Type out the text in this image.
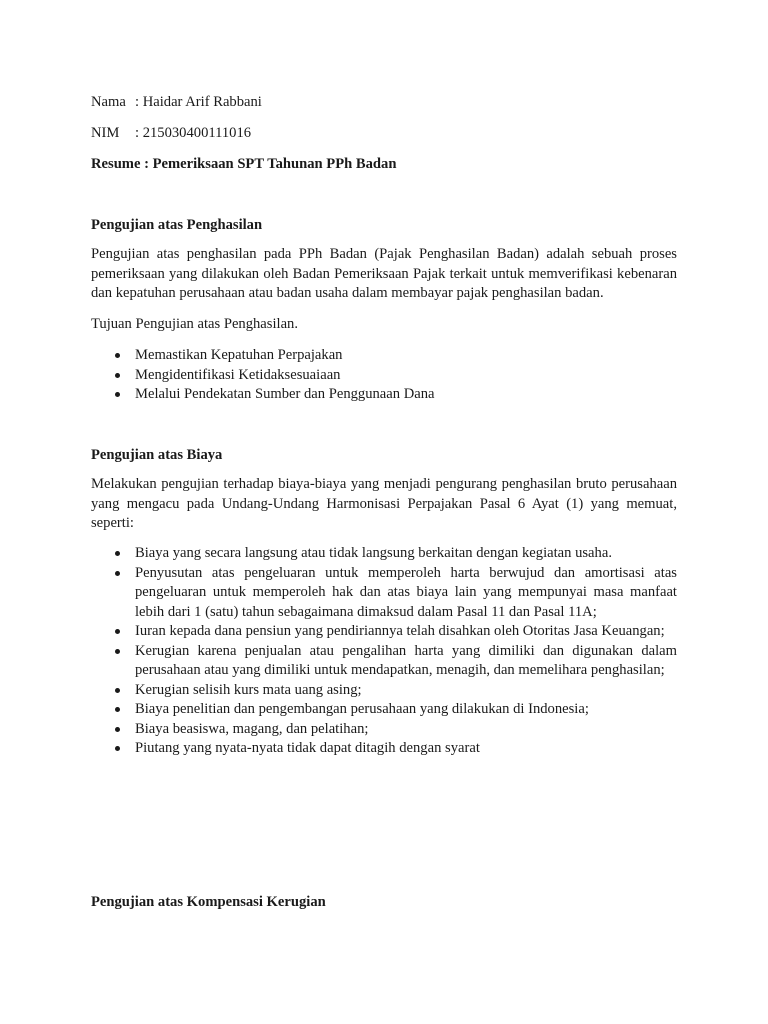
Nama : Haidar Arif Rabbani
NIM : 215030400111016
Resume : Pemeriksaan SPT Tahunan PPh Badan
Pengujian atas Penghasilan
Pengujian atas penghasilan pada PPh Badan (Pajak Penghasilan Badan) adalah sebuah proses pemeriksaan yang dilakukan oleh Badan Pemeriksaan Pajak terkait untuk memverifikasi kebenaran dan kepatuhan perusahaan atau badan usaha dalam membayar pajak penghasilan badan.
Tujuan Pengujian atas Penghasilan.
Memastikan Kepatuhan Perpajakan
Mengidentifikasi Ketidaksesuaiaan
Melalui Pendekatan Sumber dan Penggunaan Dana
Pengujian atas Biaya
Melakukan pengujian terhadap biaya-biaya yang menjadi pengurang penghasilan bruto perusahaan yang mengacu pada Undang-Undang Harmonisasi Perpajakan Pasal 6 Ayat (1) yang memuat, seperti:
Biaya yang secara langsung atau tidak langsung berkaitan dengan kegiatan usaha.
Penyusutan atas pengeluaran untuk memperoleh harta berwujud dan amortisasi atas pengeluaran untuk memperoleh hak dan atas biaya lain yang mempunyai masa manfaat lebih dari 1 (satu) tahun sebagaimana dimaksud dalam Pasal 11 dan Pasal 11A;
Iuran kepada dana pensiun yang pendiriannya telah disahkan oleh Otoritas Jasa Keuangan;
Kerugian karena penjualan atau pengalihan harta yang dimiliki dan digunakan dalam perusahaan atau yang dimiliki untuk mendapatkan, menagih, dan memelihara penghasilan;
Kerugian selisih kurs mata uang asing;
Biaya penelitian dan pengembangan perusahaan yang dilakukan di Indonesia;
Biaya beasiswa, magang, dan pelatihan;
Piutang yang nyata-nyata tidak dapat ditagih dengan syarat
Pengujian atas Kompensasi Kerugian
